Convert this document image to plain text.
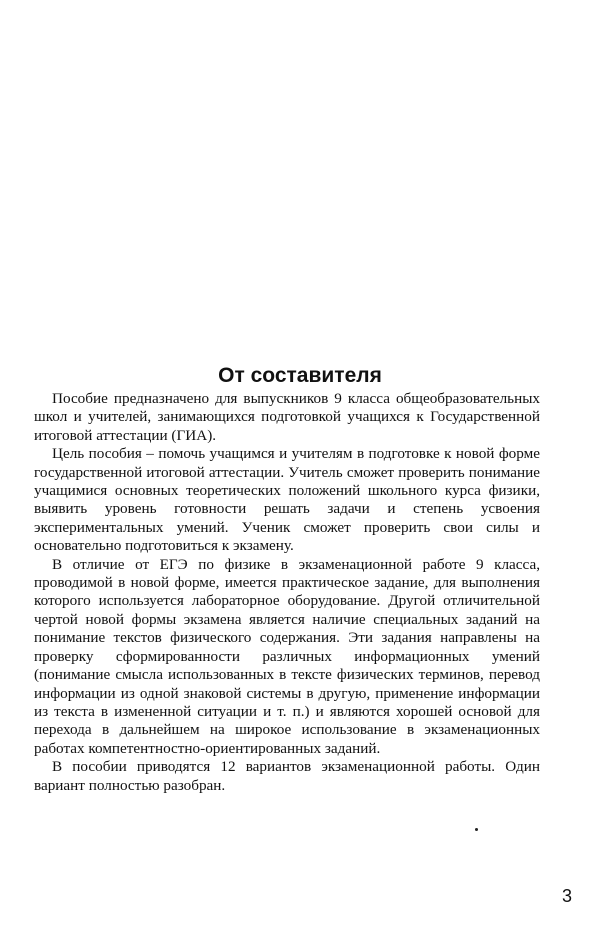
От составителя

Пособие предназначено для выпускников 9 класса общеобразовательных школ и учителей, занимающихся подготовкой учащихся к Государственной итоговой аттестации (ГИА).

Цель пособия – помочь учащимся и учителям в подготовке к новой форме государственной итоговой аттестации. Учитель сможет проверить понимание учащимися основных теоретических положений школьного курса физики, выявить уровень готовности решать задачи и степень усвоения экспериментальных умений. Ученик сможет проверить свои силы и основательно подготовиться к экзамену.

В отличие от ЕГЭ по физике в экзаменационной работе 9 класса, проводимой в новой форме, имеется практическое задание, для выполнения которого используется лабораторное оборудование. Другой отличительной чертой новой формы экзамена является наличие специальных заданий на понимание текстов физического содержания. Эти задания направлены на проверку сформированности различных информационных умений (понимание смысла использованных в тексте физических терминов, перевод информации из одной знаковой системы в другую, применение информации из текста в измененной ситуации и т. п.) и являются хорошей основой для перехода в дальнейшем на широкое использование в экзаменационных работах компетентностно-ориентированных заданий.

В пособии приводятся 12 вариантов экзаменационной работы. Один вариант полностью разобран.

3
